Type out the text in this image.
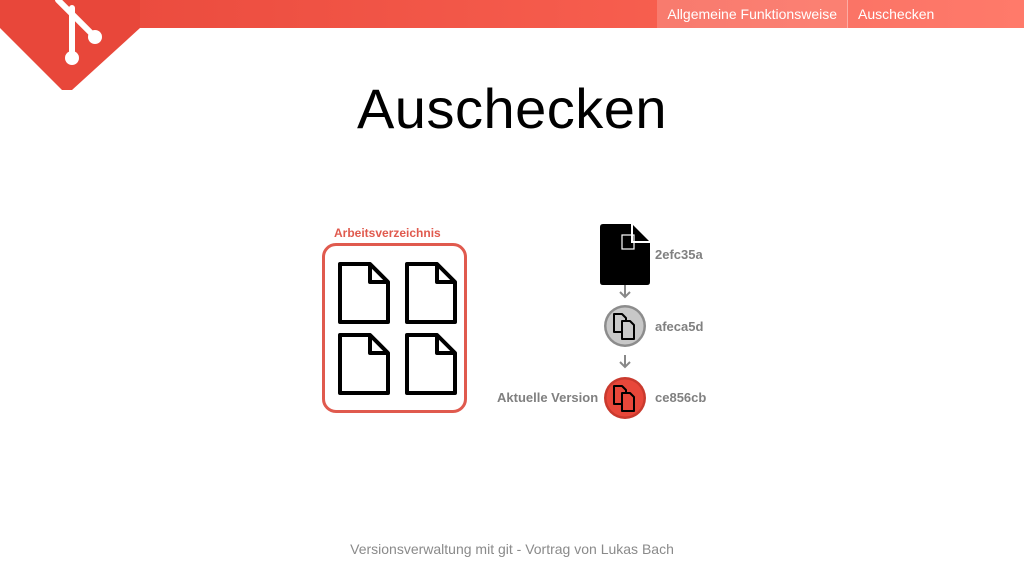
Allgemeine Funktionsweise	Auschecken
Auschecken
Arbeitsverzeichnis
2efc35a
afeca5d
ce856cb
Aktuelle Version
Versionsverwaltung mit git - Vortrag von Lukas Bach
